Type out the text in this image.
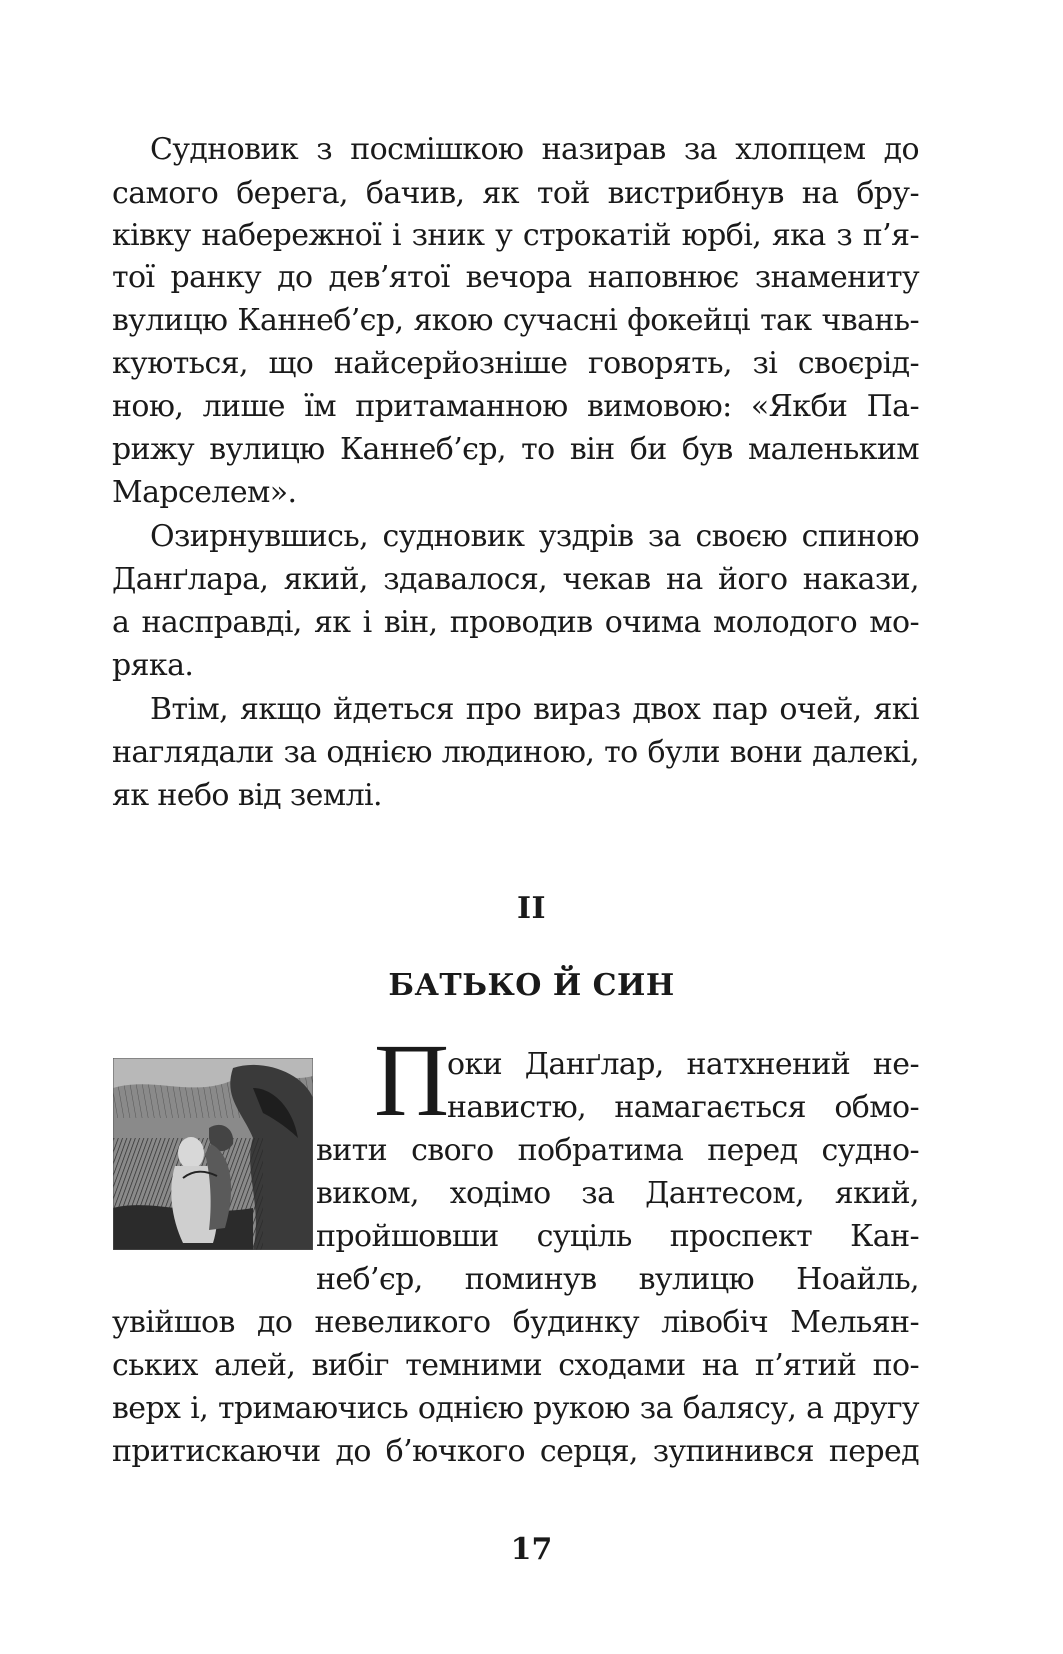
Судновик з посмішкою назирав за хлопцем до
самого берега, бачив, як той вистрибнув на бру-
ківку набережної і зник у строкатій юрбі, яка з п’я-
тої ранку до дев’ятої вечора наповнює знамениту
вулицю Каннеб’єр, якою сучасні фокейці так чвань-
куються, що найсерйозніше говорять, зі своєрід-
ною, лише їм притаманною вимовою: «Якби Па-
рижу вулицю Каннеб’єр, то він би був маленьким
Марселем».
Озирнувшись, судновик уздрів за своєю спиною
Данґлара, який, здавалося, чекав на його накази,
а насправді, як і він, проводив очима молодого мо-
ряка.
Втім, якщо йдеться про вираз двох пар очей, які
наглядали за однією людиною, то були вони далекі,
як небо від землі.
II
БАТЬКО Й СИН
П
оки Данґлар, натхнений не-
навистю, намагається обмо-
вити свого побратима перед судно-
виком, ходімо за Дантесом, який,
пройшовши суціль проспект Кан-
неб’єр, поминув вулицю Ноайль,
увійшов до невеликого будинку лівобіч Мельян-
ських алей, вибіг темними сходами на п’ятий по-
верх і, тримаючись однією рукою за балясу, а другу
притискаючи до б’ючкого серця, зупинився перед
17
